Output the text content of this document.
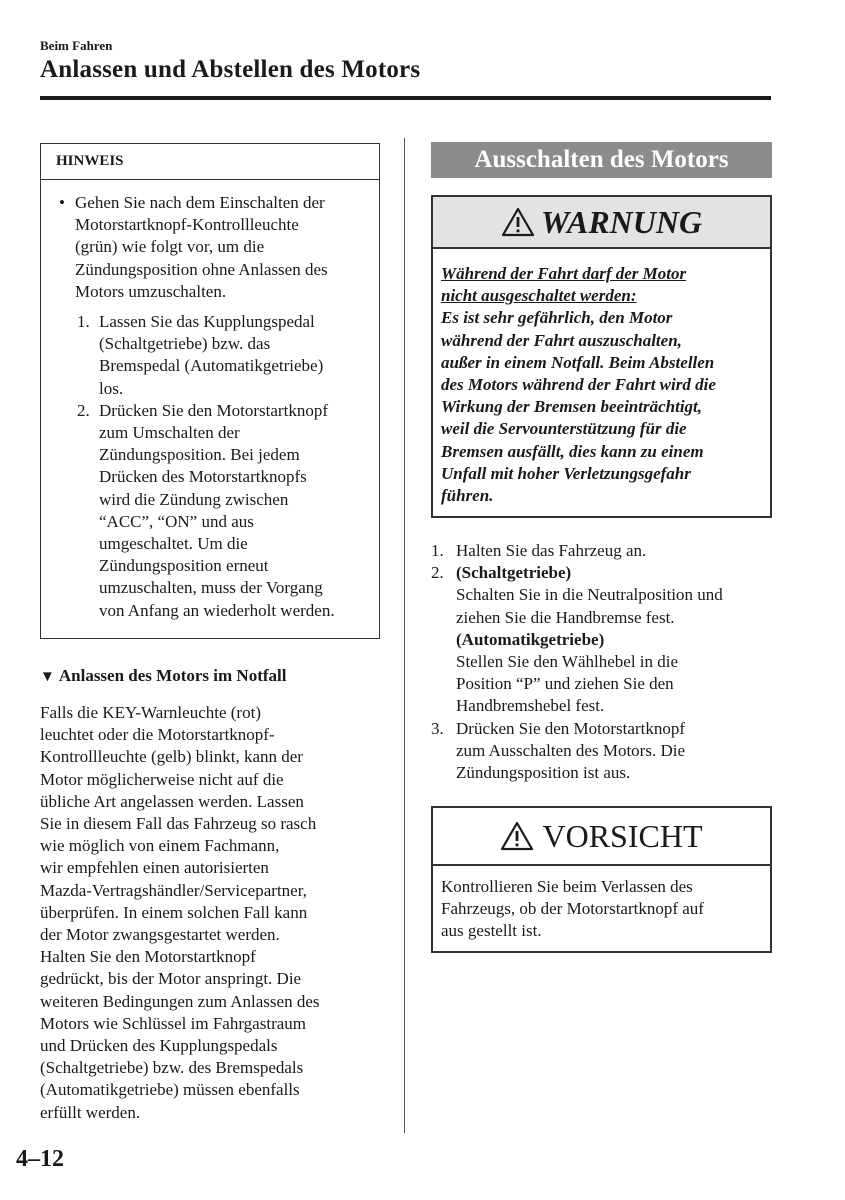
Beim Fahren
Anlassen und Abstellen des Motors
HINWEIS
• Gehen Sie nach dem Einschalten der
Motorstartknopf-Kontrollleuchte
(grün) wie folgt vor, um die
Zündungsposition ohne Anlassen des
Motors umzuschalten.
1. Lassen Sie das Kupplungspedal
(Schaltgetriebe) bzw. das
Bremspedal (Automatikgetriebe)
los.
2. Drücken Sie den Motorstartknopf
zum Umschalten der
Zündungsposition. Bei jedem
Drücken des Motorstartknopfs
wird die Zündung zwischen
“ACC”, “ON” und aus
umgeschaltet. Um die
Zündungsposition erneut
umzuschalten, muss der Vorgang
von Anfang an wiederholt werden.
▼ Anlassen des Motors im Notfall
Falls die KEY-Warnleuchte (rot)
leuchtet oder die Motorstartknopf-
Kontrollleuchte (gelb) blinkt, kann der
Motor möglicherweise nicht auf die
übliche Art angelassen werden. Lassen
Sie in diesem Fall das Fahrzeug so rasch
wie möglich von einem Fachmann,
wir empfehlen einen autorisierten
Mazda-Vertragshändler/Servicepartner,
überprüfen. In einem solchen Fall kann
der Motor zwangsgestartet werden.
Halten Sie den Motorstartknopf
gedrückt, bis der Motor anspringt. Die
weiteren Bedingungen zum Anlassen des
Motors wie Schlüssel im Fahrgastraum
und Drücken des Kupplungspedals
(Schaltgetriebe) bzw. des Bremspedals
(Automatikgetriebe) müssen ebenfalls
erfüllt werden.
Ausschalten des Motors
WARNUNG
Während der Fahrt darf der Motor
nicht ausgeschaltet werden:
Es ist sehr gefährlich, den Motor
während der Fahrt auszuschalten,
außer in einem Notfall. Beim Abstellen
des Motors während der Fahrt wird die
Wirkung der Bremsen beeinträchtigt,
weil die Servounterstützung für die
Bremsen ausfällt, dies kann zu einem
Unfall mit hoher Verletzungsgefahr
führen.
1. Halten Sie das Fahrzeug an.
2. (Schaltgetriebe)
Schalten Sie in die Neutralposition und
ziehen Sie die Handbremse fest.
(Automatikgetriebe)
Stellen Sie den Wählhebel in die
Position “P” und ziehen Sie den
Handbremshebel fest.
3. Drücken Sie den Motorstartknopf
zum Ausschalten des Motors. Die
Zündungsposition ist aus.
VORSICHT
Kontrollieren Sie beim Verlassen des
Fahrzeugs, ob der Motorstartknopf auf
aus gestellt ist.
4–12
